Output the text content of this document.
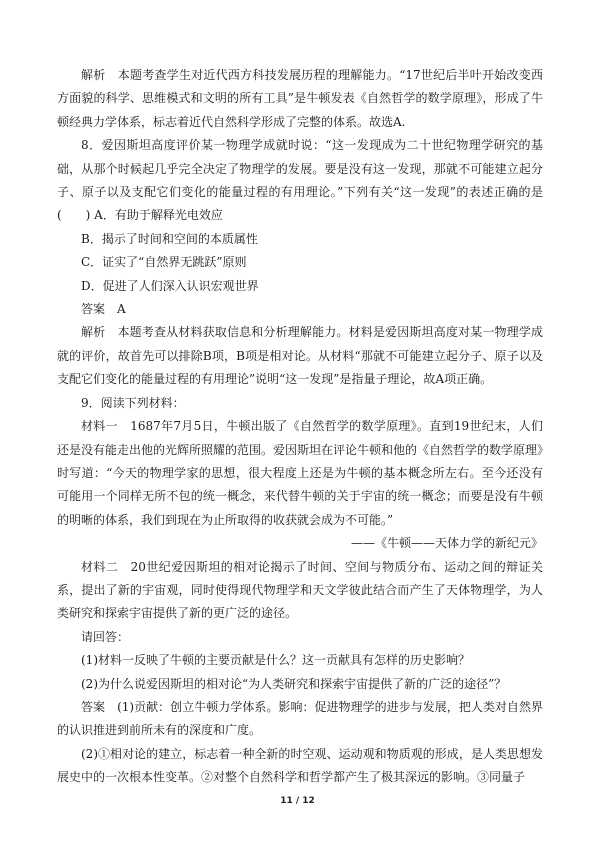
解析　本题考查学生对近代西方科技发展历程的理解能力。“17世纪后半叶开始改变西方面貌的科学、思维模式和文明的所有工具”是牛顿发表《自然哲学的数学原理》，形成了牛顿经典力学体系，标志着近代自然科学形成了完整的体系。故选A.

8．爱因斯坦高度评价某一物理学成就时说：“这一发现成为二十世纪物理学研究的基础，从那个时候起几乎完全决定了物理学的发展。要是没有这一发现，那就不可能建立起分子、原子以及支配它们变化的能量过程的有用理论。”下列有关“这一发现”的表述正确的是(　　) A．有助于解释光电效应

B．揭示了时间和空间的本质属性

C．证实了“自然界无跳跃”原则

D．促进了人们深入认识宏观世界

答案　A

解析　本题考查从材料获取信息和分析理解能力。材料是爱因斯坦高度对某一物理学成就的评价，故首先可以排除B项，B项是相对论。从材料“那就不可能建立起分子、原子以及支配它们变化的能量过程的有用理论”说明“这一发现”是指量子理论，故A项正确。

9．阅读下列材料：

材料一　1687年7月5日，牛顿出版了《自然哲学的数学原理》。直到19世纪末，人们还是没有能走出他的光辉所照耀的范围。爱因斯坦在评论牛顿和他的《自然哲学的数学原理》时写道：“今天的物理学家的思想，很大程度上还是为牛顿的基本概念所左右。至今还没有可能用一个同样无所不包的统一概念，来代替牛顿的关于宇宙的统一概念；而要是没有牛顿的明晰的体系，我们到现在为止所取得的收获就会成为不可能。”

——《牛顿——天体力学的新纪元》

材料二　20世纪爱因斯坦的相对论揭示了时间、空间与物质分布、运动之间的辩证关系，提出了新的宇宙观，同时使得现代物理学和天文学彼此结合而产生了天体物理学，为人类研究和探索宇宙提供了新的更广泛的途径。

请回答：

(1)材料一反映了牛顿的主要贡献是什么？这一贡献具有怎样的历史影响？

(2)为什么说爱因斯坦的相对论“为人类研究和探索宇宙提供了新的广泛的途径”？

答案　(1)贡献：创立牛顿力学体系。影响：促进物理学的进步与发展，把人类对自然界的认识推进到前所未有的深度和广度。

(2)①相对论的建立，标志着一种全新的时空观、运动观和物质观的形成，是人类思想发展史中的一次根本性变革。②对整个自然科学和哲学都产生了极其深远的影响。③同量子

11 / 12
